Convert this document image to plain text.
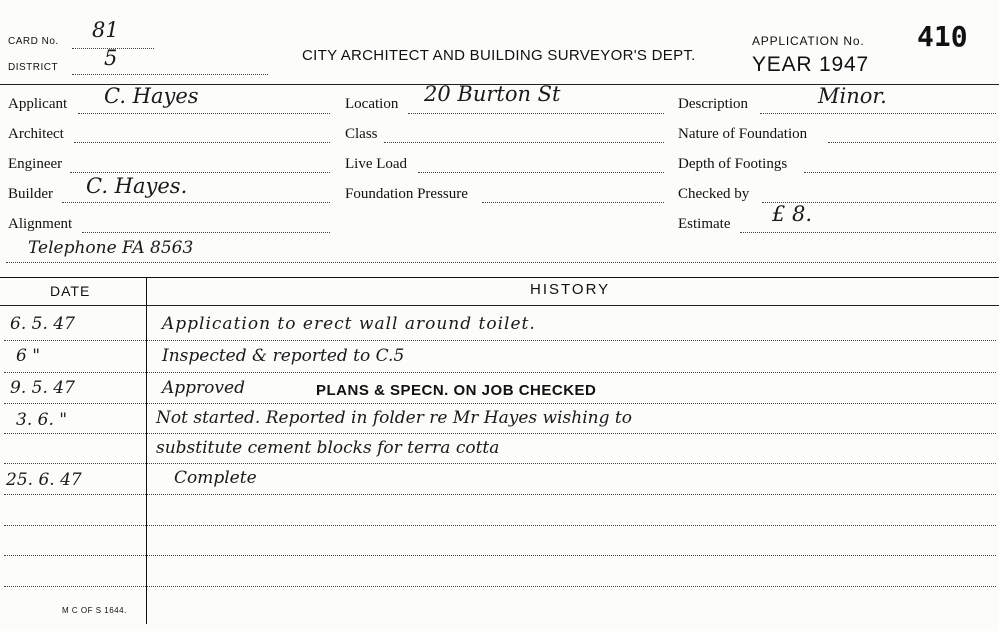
CARD No. 81
DISTRICT 5	CITY ARCHITECT AND BUILDING SURVEYOR'S DEPT.
APPLICATION No. 410
YEAR 1947
Applicant C. Hayes
Architect
Engineer
Builder C. Hayes.
Alignment
Telephone FA 8563
Location 20 Burton St
Class
Live Load
Foundation Pressure
Description	Minor.
Nature of Foundation
Depth of Footings
Checked by
Estimate £ 8.
DATE	HISTORY
6. 5. 47	Application to erect wall around toilet.
6 "	Inspected & reported to C.5
9. 5. 47	Approved	PLANS & SPECN. ON JOB CHECKED
3. 6. "	Not started. Reported in folder re Mr Hayes wishing to
substitute cement blocks for terra cotta
25. 6. 47	Complete
M C OF S 1644.
